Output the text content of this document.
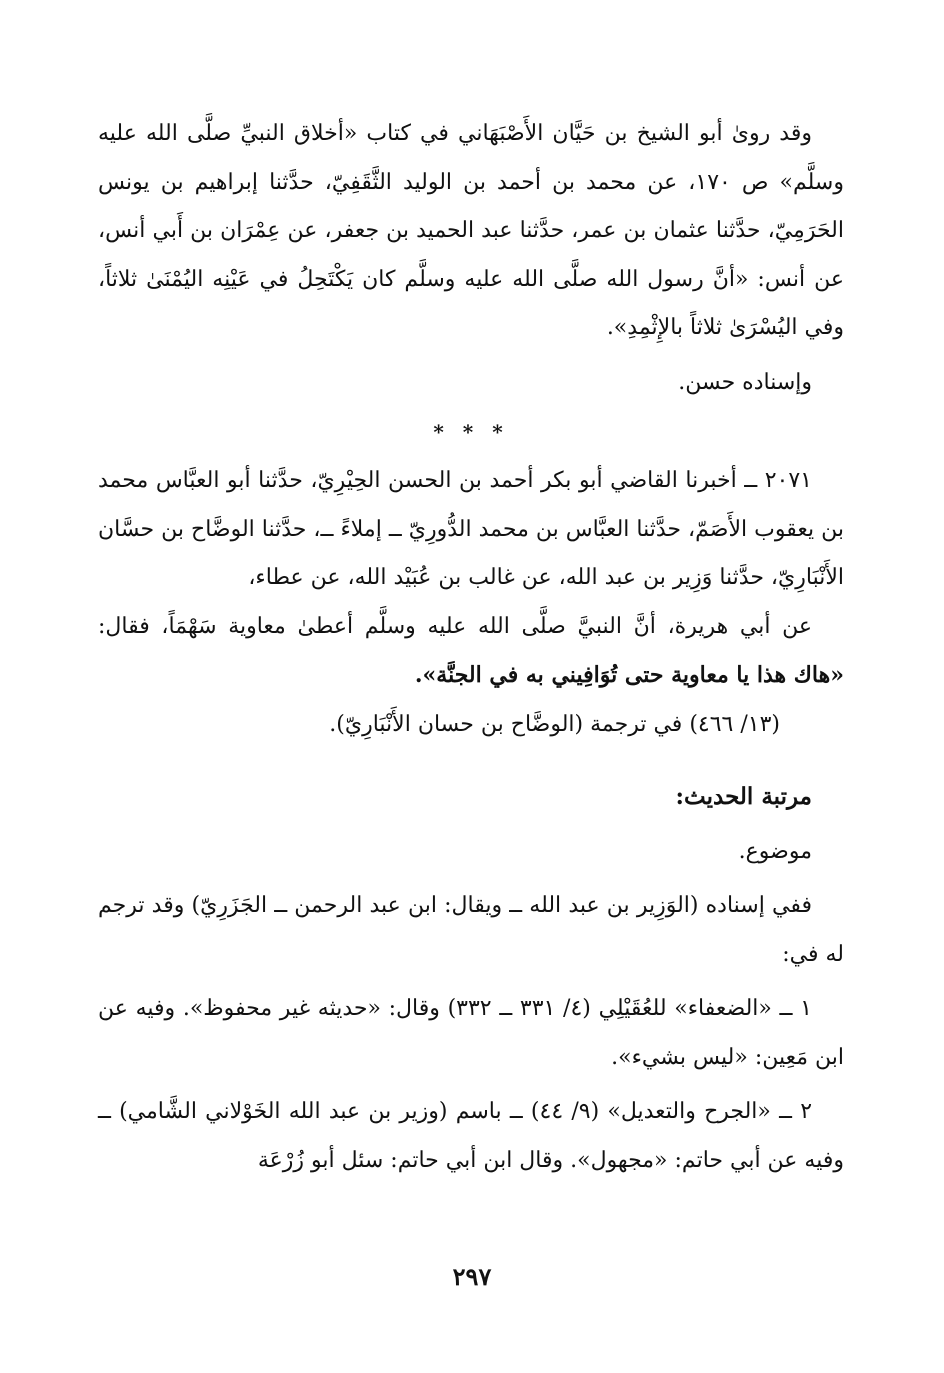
وقد روىٰ أبو الشيخ بن حَيَّان الأَصْبَهَاني في كتاب «أخلاق النبيِّ صلَّى الله عليه وسلَّم» ص ١٧٠، عن محمد بن أحمد بن الوليد الثَّقَفِيّ، حدَّثنا إبراهيم بن يونس الحَرَمِيّ، حدَّثنا عثمان بن عمر، حدَّثنا عبد الحميد بن جعفر، عن عِمْرَان بن أَبي أنس، عن أنس: «أنَّ رسول الله صلَّى الله عليه وسلَّم كان يَكْتَحِلُ في عَيْنِه اليُمْنَىٰ ثلاثاً، وفي اليُسْرَىٰ ثلاثاً بالإِثْمِدِ».

وإسناده حسن.

* * *

٢٠٧١ ــ أخبرنا القاضي أبو بكر أحمد بن الحسن الحِيْرِيّ، حدَّثنا أبو العبَّاس محمد بن يعقوب الأَصَمّ، حدَّثنا العبَّاس بن محمد الدُّورِيّ ــ إملاءً ــ، حدَّثنا الوضَّاح بن حسَّان الأَنْبَارِيّ، حدَّثنا وَزِير بن عبد الله، عن غالب بن عُبَيْد الله، عن عطاء،

عن أبي هريرة، أنَّ النبيَّ صلَّى الله عليه وسلَّم أعطىٰ معاوية سَهْمَاً، فقال: «هاك هذا يا معاوية حتى تُوَافِيني به في الجنَّة».

(١٣/ ٤٦٦) في ترجمة (الوضَّاح بن حسان الأَنْبَارِيّ).

مرتبة الحديث:

موضوع.

ففي إسناده (الوَزِير بن عبد الله ــ ويقال: ابن عبد الرحمن ــ الجَزَرِيّ) وقد ترجم له في:

١ ــ «الضعفاء» للعُقَيْلِي (٤/ ٣٣١ ــ ٣٣٢) وقال: «حديثه غير محفوظ». وفيه عن ابن مَعِين: «ليس بشيء».

٢ ــ «الجرح والتعديل» (٩/ ٤٤) ــ باسم (وزير بن عبد الله الخَوْلاني الشَّامي) ــ وفيه عن أبي حاتم: «مجهول». وقال ابن أبي حاتم: سئل أبو زُرْعَة

٢٩٧
